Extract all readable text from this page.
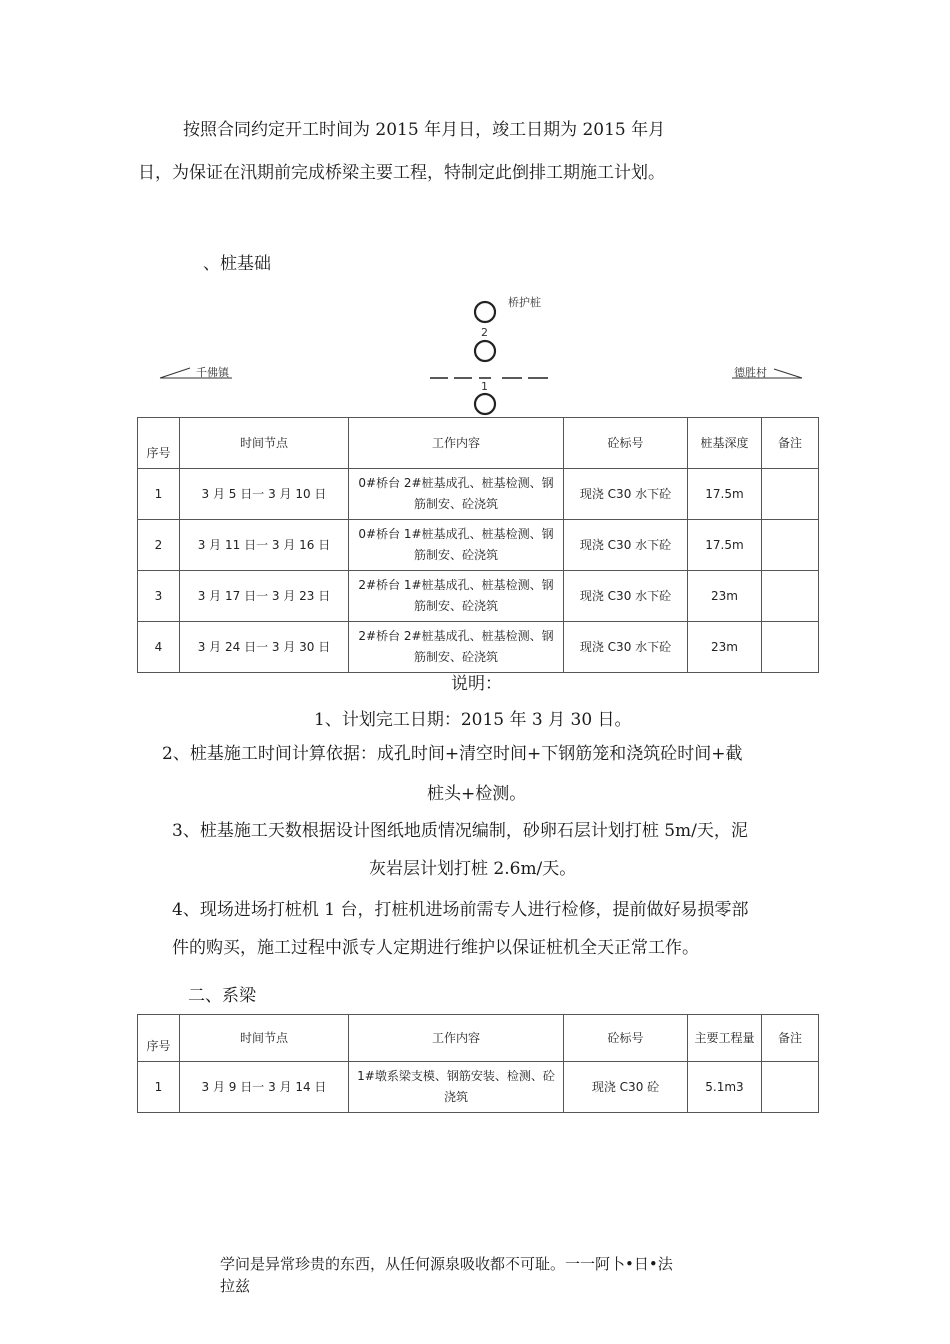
按照合同约定开工时间为 2015 年月日，竣工日期为 2015 年月
日，为保证在汛期前完成桥梁主要工程，特制定此倒排工期施工计划。
、桩基础
桥护桩
2
1
千佛镇	德胜村
序号	时间节点	工作内容	砼标号	桩基深度	备注
1	3 月 5 日一 3 月 10 日	0#桥台 2#桩基成孔、桩基检测、钢筋制安、砼浇筑	现浇 C30 水下砼	17.5m	
2	3 月 11 日一 3 月 16 日	0#桥台 1#桩基成孔、桩基检测、钢筋制安、砼浇筑	现浇 C30 水下砼	17.5m	
3	3 月 17 日一 3 月 23 日	2#桥台 1#桩基成孔、桩基检测、钢筋制安、砼浇筑	现浇 C30 水下砼	23m	
4	3 月 24 日一 3 月 30 日	2#桥台 2#桩基成孔、桩基检测、钢筋制安、砼浇筑	现浇 C30 水下砼	23m	
说明：
1、计划完工日期：2015 年 3 月 30 日。
2、桩基施工时间计算依据：成孔时间+清空时间+下钢筋笼和浇筑砼时间+截
桩头+检测。
3、桩基施工天数根据设计图纸地质情况编制，砂卵石层计划打桩 5m/天，泥
灰岩层计划打桩 2.6m/天。
4、现场进场打桩机 1 台，打桩机进场前需专人进行检修，提前做好易损零部
件的购买，施工过程中派专人定期进行维护以保证桩机全天正常工作。
二、系梁
序号	时间节点	工作内容	砼标号	主要工程量	备注
1	3 月 9 日一 3 月 14 日	1#墩系梁支模、钢筋安装、检测、砼浇筑	现浇 C30 砼	5.1m3	
学问是异常珍贵的东西，从任何源泉吸收都不可耻。一一阿卜•日•法
拉兹
